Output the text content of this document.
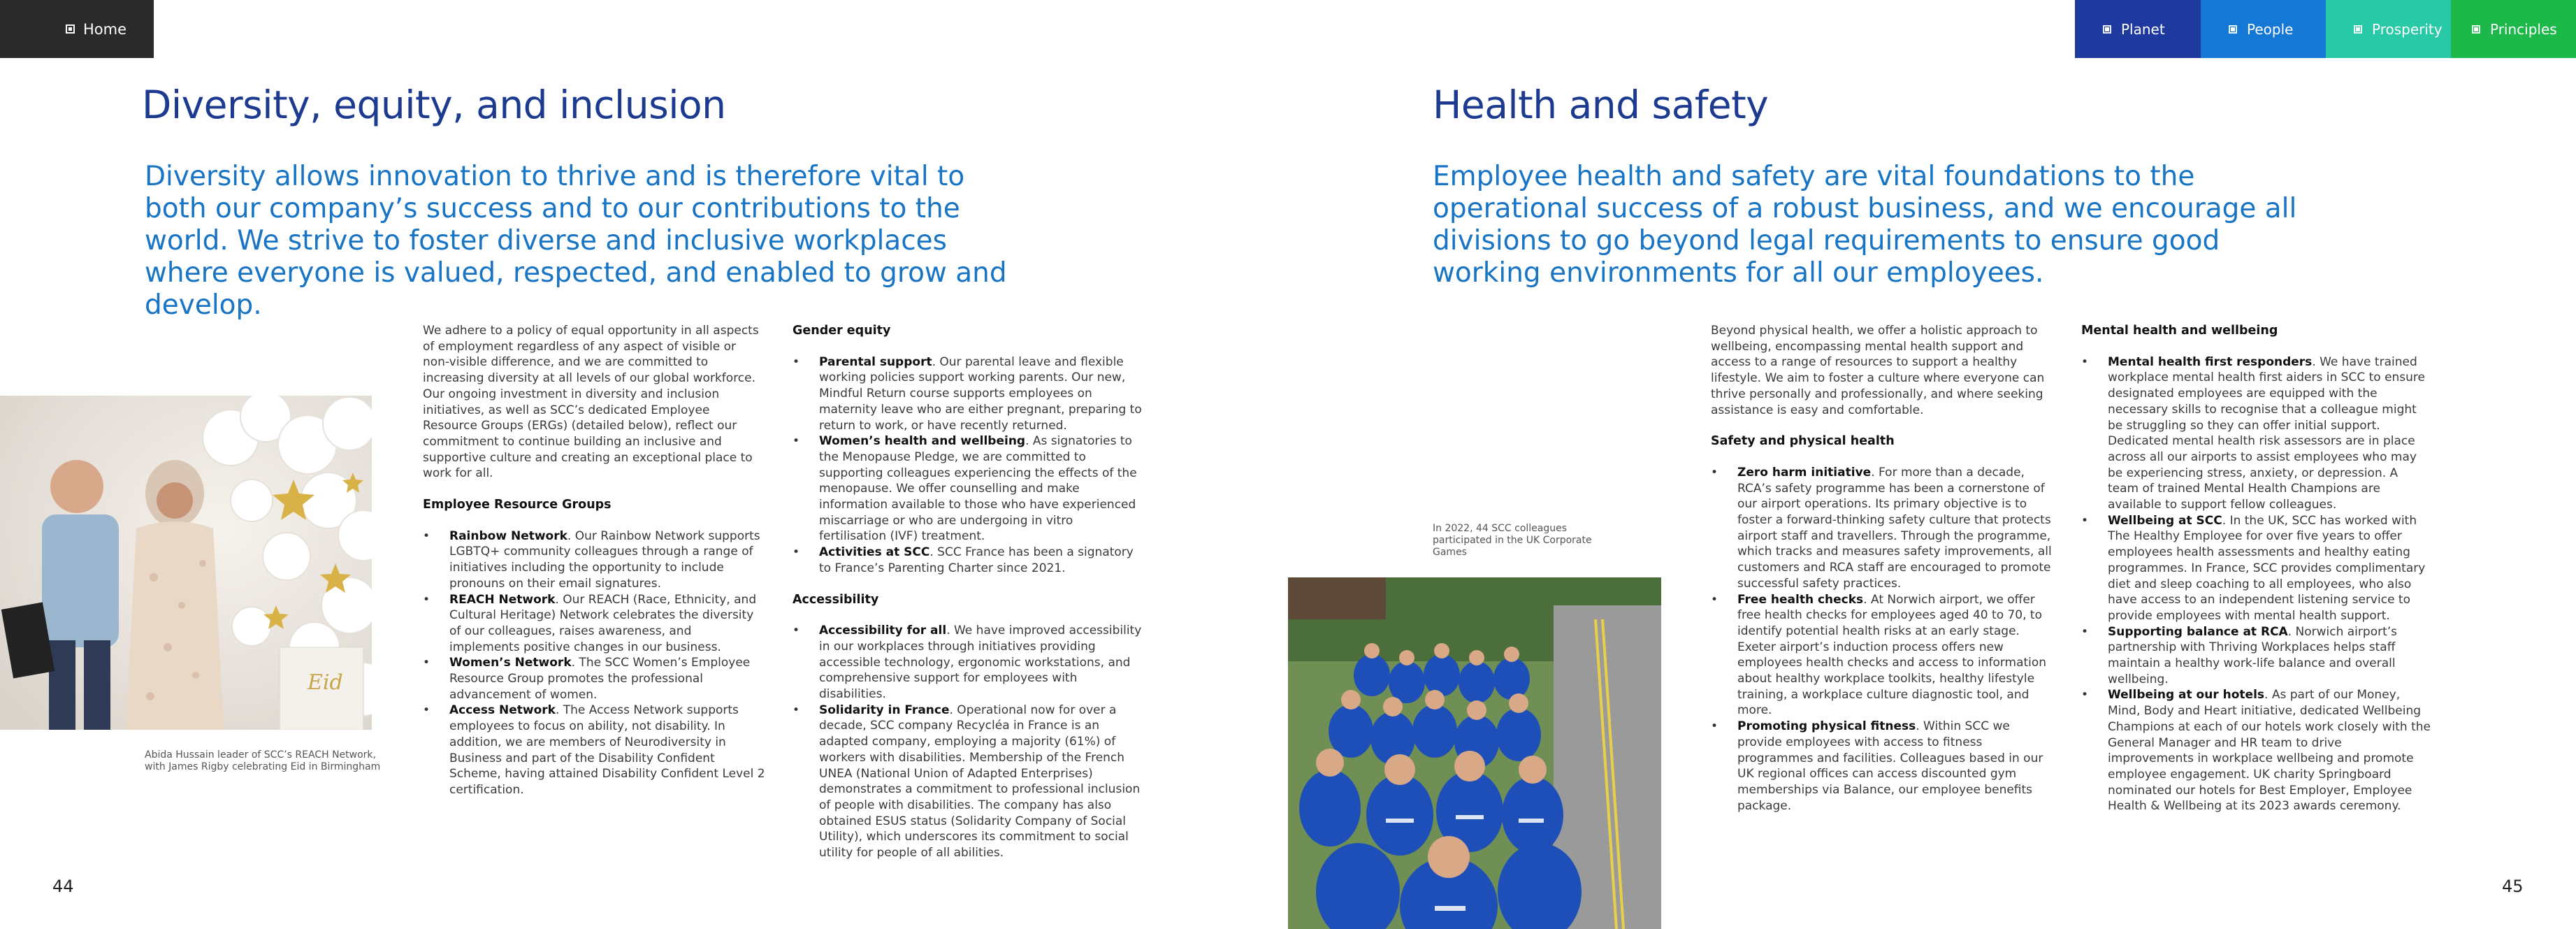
Home	Planet	People	Prosperity	Principles
Diversity, equity, and inclusion
Diversity allows innovation to thrive and is therefore vital to both our company’s success and to our contributions to the world. We strive to foster diverse and inclusive workplaces where everyone is valued, respected, and enabled to grow and develop.
Eid
Abida Hussain leader of SCC’s REACH Network, with James Rigby celebrating Eid in Birmingham
We adhere to a policy of equal opportunity in all aspects of employment regardless of any aspect of visible or non-visible difference, and we are committed to increasing diversity at all levels of our global workforce. Our ongoing investment in diversity and inclusion initiatives, as well as SCC’s dedicated Employee Resource Groups (ERGs) (detailed below), reflect our commitment to continue building an inclusive and supportive culture and creating an exceptional place to work for all.
Employee Resource Groups
• Rainbow Network. Our Rainbow Network supports LGBTQ+ community colleagues through a range of initiatives including the opportunity to include pronouns on their email signatures.
• REACH Network. Our REACH (Race, Ethnicity, and Cultural Heritage) Network celebrates the diversity of our colleagues, raises awareness, and implements positive changes in our business.
• Women’s Network. The SCC Women’s Employee Resource Group promotes the professional advancement of women.
• Access Network. The Access Network supports employees to focus on ability, not disability. In addition, we are members of Neurodiversity in Business and part of the Disability Confident Scheme, having attained Disability Confident Level 2 certification.
Gender equity
• Parental support. Our parental leave and flexible working policies support working parents. Our new, Mindful Return course supports employees on maternity leave who are either pregnant, preparing to return to work, or have recently returned.
• Women’s health and wellbeing. As signatories to the Menopause Pledge, we are committed to supporting colleagues experiencing the effects of the menopause. We offer counselling and make information available to those who have experienced miscarriage or who are undergoing in vitro fertilisation (IVF) treatment.
• Activities at SCC. SCC France has been a signatory to France’s Parenting Charter since 2021.
Accessibility
• Accessibility for all. We have improved accessibility in our workplaces through initiatives providing accessible technology, ergonomic workstations, and comprehensive support for employees with disabilities.
• Solidarity in France. Operational now for over a decade, SCC company Recycléa in France is an adapted company, employing a majority (61%) of workers with disabilities. Membership of the French UNEA (National Union of Adapted Enterprises) demonstrates a commitment to professional inclusion of people with disabilities. The company has also obtained ESUS status (Solidarity Company of Social Utility), which underscores its commitment to social utility for people of all abilities.
44
Health and safety
Employee health and safety are vital foundations to the operational success of a robust business, and we encourage all divisions to go beyond legal requirements to ensure good working environments for all our employees.
In 2022, 44 SCC colleagues participated in the UK Corporate Games
Beyond physical health, we offer a holistic approach to wellbeing, encompassing mental health support and access to a range of resources to support a healthy lifestyle. We aim to foster a culture where everyone can thrive personally and professionally, and where seeking assistance is easy and comfortable.
Safety and physical health
• Zero harm initiative. For more than a decade, RCA’s safety programme has been a cornerstone of our airport operations. Its primary objective is to foster a forward-thinking safety culture that protects airport staff and travellers. Through the programme, which tracks and measures safety improvements, all customers and RCA staff are encouraged to promote successful safety practices.
• Free health checks. At Norwich airport, we offer free health checks for employees aged 40 to 70, to identify potential health risks at an early stage. Exeter airport’s induction process offers new employees health checks and access to information about healthy workplace toolkits, healthy lifestyle training, a workplace culture diagnostic tool, and more.
• Promoting physical fitness. Within SCC we provide employees with access to fitness programmes and facilities. Colleagues based in our UK regional offices can access discounted gym memberships via Balance, our employee benefits package.
Mental health and wellbeing
• Mental health first responders. We have trained workplace mental health first aiders in SCC to ensure designated employees are equipped with the necessary skills to recognise that a colleague might be struggling so they can offer initial support. Dedicated mental health risk assessors are in place across all our airports to assist employees who may be experiencing stress, anxiety, or depression. A team of trained Mental Health Champions are available to support fellow colleagues.
• Wellbeing at SCC. In the UK, SCC has worked with The Healthy Employee for over five years to offer employees health assessments and healthy eating programmes. In France, SCC provides complimentary diet and sleep coaching to all employees, who also have access to an independent listening service to provide employees with mental health support.
• Supporting balance at RCA. Norwich airport’s partnership with Thriving Workplaces helps staff maintain a healthy work-life balance and overall wellbeing.
• Wellbeing at our hotels. As part of our Money, Mind, Body and Heart initiative, dedicated Wellbeing Champions at each of our hotels work closely with the General Manager and HR team to drive improvements in workplace wellbeing and promote employee engagement. UK charity Springboard nominated our hotels for Best Employer, Employee Health & Wellbeing at its 2023 awards ceremony.
45
